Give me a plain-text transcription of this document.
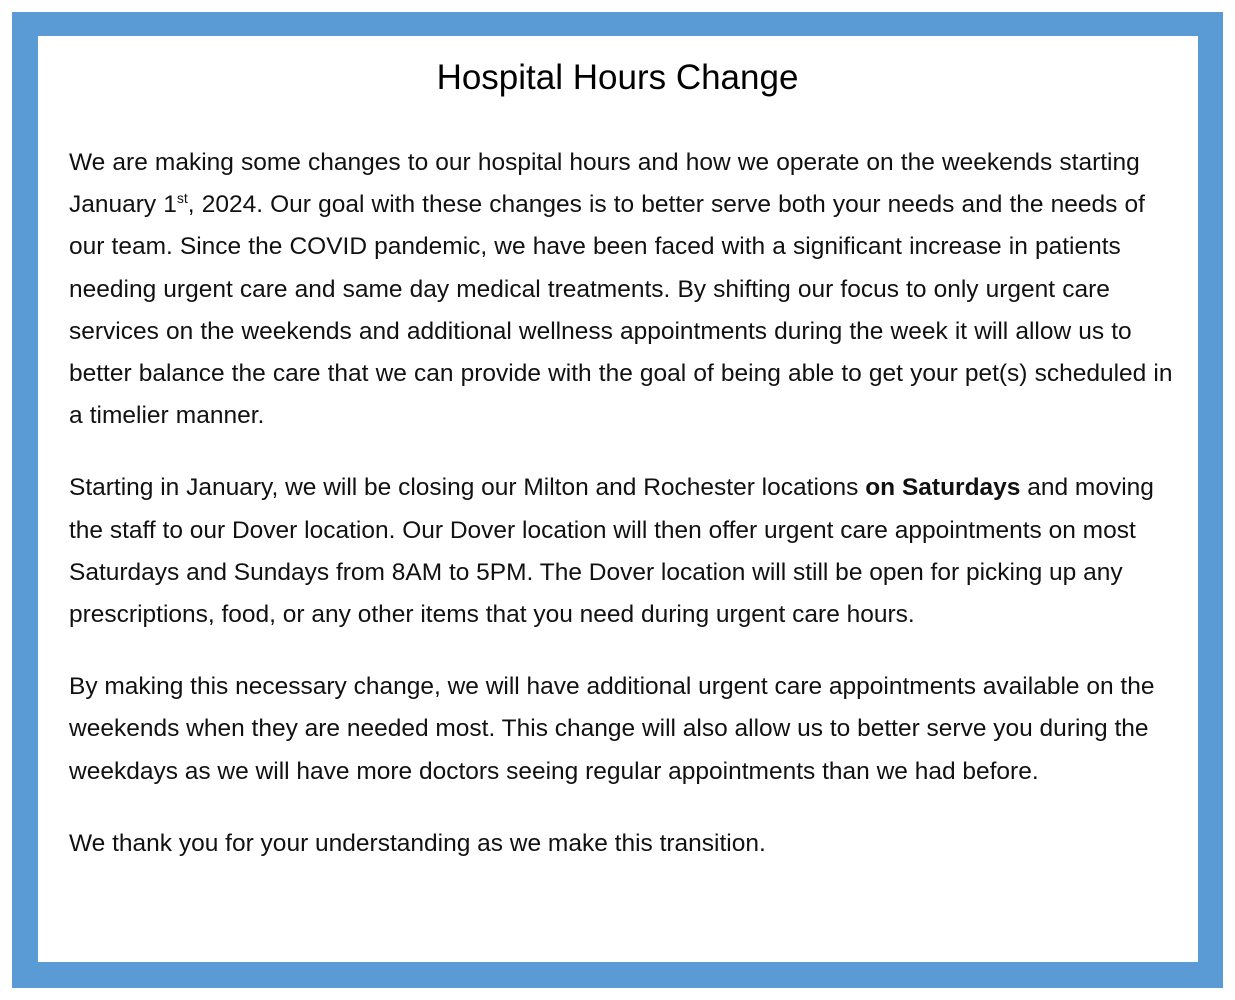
Hospital Hours Change

We are making some changes to our hospital hours and how we operate on the weekends starting January 1st, 2024. Our goal with these changes is to better serve both your needs and the needs of our team. Since the COVID pandemic, we have been faced with a significant increase in patients needing urgent care and same day medical treatments. By shifting our focus to only urgent care services on the weekends and additional wellness appointments during the week it will allow us to better balance the care that we can provide with the goal of being able to get your pet(s) scheduled in a timelier manner.

Starting in January, we will be closing our Milton and Rochester locations on Saturdays and moving the staff to our Dover location. Our Dover location will then offer urgent care appointments on most Saturdays and Sundays from 8AM to 5PM. The Dover location will still be open for picking up any prescriptions, food, or any other items that you need during urgent care hours.

By making this necessary change, we will have additional urgent care appointments available on the weekends when they are needed most. This change will also allow us to better serve you during the weekdays as we will have more doctors seeing regular appointments than we had before.

We thank you for your understanding as we make this transition.
